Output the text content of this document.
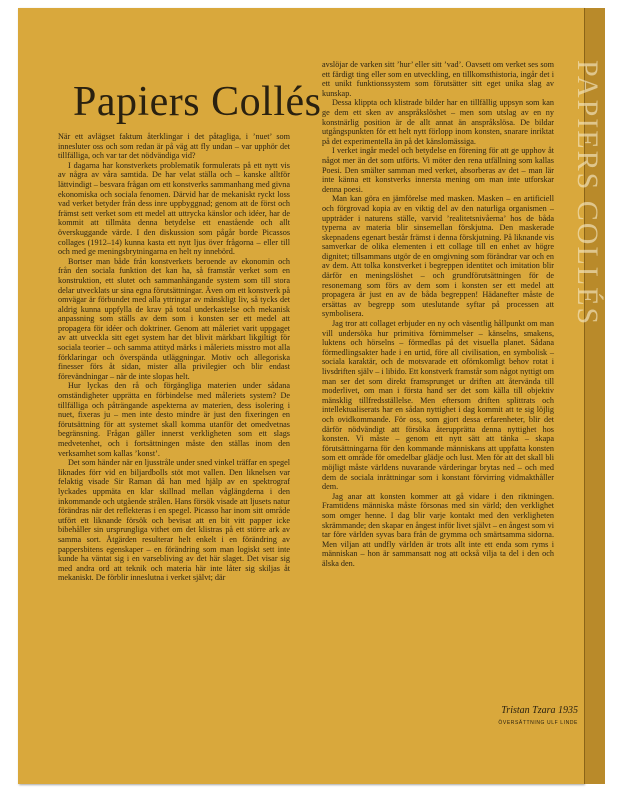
PAPIERS COLLÉS
Papiers Collés

När ett avlägset faktum återklingar i det påtagliga, i ’nuet’ som innesluter oss och som redan är på väg att fly undan – var upphör det tillfälliga, och var tar det nödvändiga vid?

I dagarna har konstverkets problematik formulerats på ett nytt vis av några av våra samtida. De har velat ställa och – kanske alltför lättvindigt – besvara frågan om ett konstverks sammanhang med givna ekonomiska och sociala fenomen. Därvid har de mekaniskt ryckt loss vad verket betyder från dess inre uppbyggnad; genom att de först och främst sett verket som ett medel att uttrycka känslor och idéer, har de kommit att tillmäta denna betydelse ett enastående och allt överskuggande värde. I den diskussion som pågår borde Picassos collages (1912–14) kunna kasta ett nytt ljus över frågorna – eller till och med ge meningsbrytningarna en helt ny innebörd.

Bortser man både från konstverkets beroende av ekonomin och från den sociala funktion det kan ha, så framstår verket som en konstruktion, ett slutet och sammanhängande system som till stora delar utvecklats ur sina egna förutsättningar. Även om ett konstverk på omvägar är förbundet med alla yttringar av mänskligt liv, så tycks det aldrig kunna uppfylla de krav på total underkastelse och mekanisk anpassning som ställs av dem som i konsten ser ett medel att propagera för idéer och doktriner. Genom att måleriet varit uppgaget av att utveckla sitt eget system har det blivit märkbart likgiltigt för sociala teorier – och samma attityd märks i måleriets misstro mot alla förklaringar och överspända utläggningar. Motiv och allegoriska finesser förs åt sidan, mister alla privilegier och blir endast förevändningar – när de inte slopas helt.

Hur lyckas den rå och förgängliga materien under sådana omständigheter upprätta en förbindelse med måleriets system? De tillfälliga och påträngande aspekterna av materien, dess isolering i nuet, fixeras ju – men inte desto mindre är just den fixeringen en förutsättning för att systemet skall komma utanför det omedvetnas begränsning. Frågan gäller innerst verkligheten som ett slags medvetenhet, och i fortsättningen måste den ställas inom den verksamhet som kallas ’konst’.

Det som händer när en ljusstråle under sned vinkel träffar en spegel liknades förr vid en biljardbolls stöt mot vallen. Den liknelsen var felaktig visade Sir Raman då han med hjälp av en spektrograf lyckades uppmäta en klar skillnad mellan våglängderna i den inkommande och utgående strålen. Hans försök visade att ljusets natur förändras när det reflekteras i en spegel. Picasso har inom sitt område utfört ett liknande försök och bevisat att en bit vitt papper icke bibehåller sin ursprungliga vithet om det klistras på ett större ark av samma sort. Åtgärden resulterar helt enkelt i en förändring av pappersbitens egenskaper – en förändring som man logiskt sett inte kunde ha väntat sig i en varsebliving av det här slaget. Det visar sig med andra ord att teknik och materia här inte låter sig skiljas åt mekaniskt. De förblir inneslutna i verket självt; där

avslöjar de varken sitt ’hur’ eller sitt ’vad’. Oavsett om verket ses som ett färdigt ting eller som en utveckling, en tillkomsthistoria, ingår det i ett unikt funktionssystem som förutsätter sitt eget unika slag av kunskap.

Dessa klippta och klistrade bilder har en tillfällig uppsyn som kan ge dem ett sken av anspråkslöshet – men som utslag av en ny konstnärlig position är de allt annat än anspråkslösa. De bildar utgångspunkten för ett helt nytt förlopp inom konsten, snarare inriktat på det experimentella än på det känslomässiga.

I verket ingår medel och betydelse en förening för att ge upphov åt något mer än det som utförts. Vi möter den rena utfällning som kallas Poesi. Den smälter samman med verket, absorberas av det – man lär inte känna ett konstverks innersta mening om man inte utforskar denna poesi.

Man kan göra en jämförelse med masken. Masken – en artificiell och förgrovad kopia av en viktig del av den naturliga organismen – uppträder i naturens ställe, varvid ’realitetsnivåerna’ hos de båda typerna av materia blir sinsemellan förskjutna. Den maskerade skepnadens egenart består främst i denna förskjutning. På liknande vis samverkar de olika elementen i ett collage till en enhet av högre dignitet; tillsammans utgör de en omgivning som förändrar var och en av dem. Att tolka konstverket i begreppen identitet och imitation blir därför en meningslöshet – och grundförutsättningen för de resonemang som förs av dem som i konsten ser ett medel att propagera är just en av de båda begreppen! Hädanefter måste de ersättas av begrepp som uteslutande syftar på processen att symbolisera.

Jag tror att collaget erbjuder en ny och väsentlig hållpunkt om man vill undersöka hur primitiva förnimmelser – känselns, smakens, luktens och hörselns – förmedlas på det visuella planet. Sådana förmedlingsakter hade i en urtid, före all civilisation, en symbolisk – sociala karaktär, och de motsvarade ett oförnkomligt behov rotat i livsdriften själv – i libido. Ett konstverk framstår som något nyttigt om man ser det som direkt framsprunget ur driften att återvända till moderlivet, om man i första hand ser det som källa till objektiv mänsklig tillfredsställelse. Men eftersom driften splittrats och intellektualiserats har en sådan nyttighet i dag kommit att te sig löjlig och ovidkommande. För oss, som gjort dessa erfarenheter, blir det därför nödvändigt att försöka återupprätta denna nyttighet hos konsten. Vi måste – genom ett nytt sätt att tänka – skapa förutsättningarna för den kommande människans att uppfatta konsten som ett område för omedelbar glädje och lust. Men för att det skall bli möjligt måste världens nuvarande värderingar brytas ned – och med dem de sociala inrättningar som i konstant förvirring vidmakthåller dem.

Jag anar att konsten kommer att gå vidare i den riktningen. Framtidens människa måste försonas med sin värld; den verklighet som omger henne. I dag blir varje kontakt med den verkligheten skrämmande; den skapar en ångest inför livet självt – en ångest som vi tar före världen syvas bara från de grymma och smärtsamma sidorna. Men viljan att undfly världen är trots allt inte ett enda som ryms i människan – hon är sammansatt nog att också vilja ta del i den och älska den.

Tristan Tzara 1935
ÖVERSÄTTNING ULF LINDE
